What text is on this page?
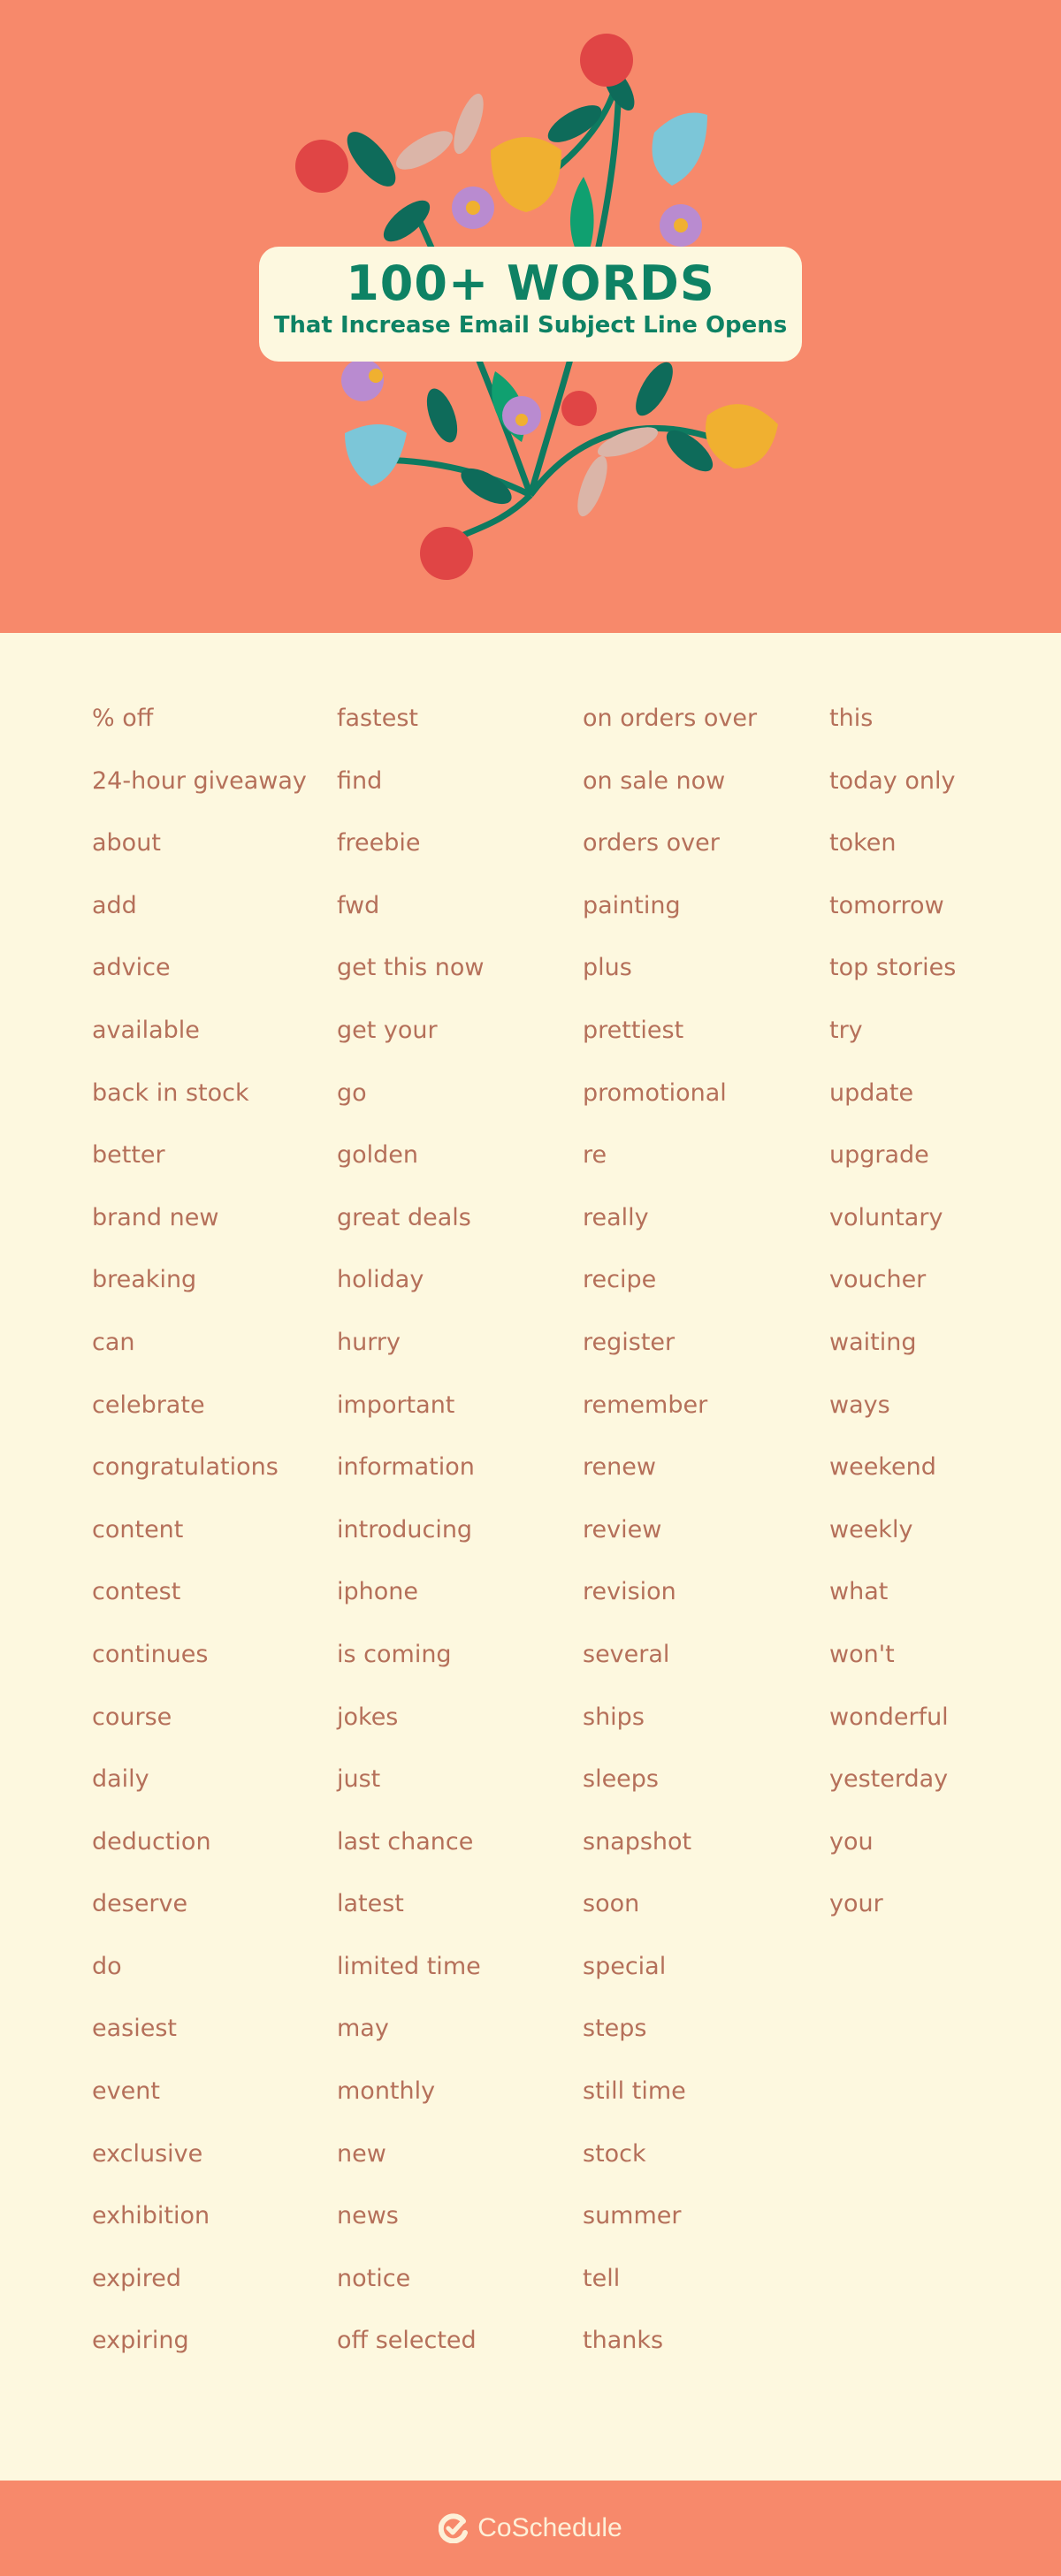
100+ WORDS
That Increase Email Subject Line Opens
% off
24-hour giveaway
about
add
advice
available
back in stock
better
brand new
breaking
can
celebrate
congratulations
content
contest
continues
course
daily
deduction
deserve
do
easiest
event
exclusive
exhibition
expired
expiring
fastest
find
freebie
fwd
get this now
get your
go
golden
great deals
holiday
hurry
important
information
introducing
iphone
is coming
jokes
just
last chance
latest
limited time
may
monthly
new
news
notice
off selected
on orders over
on sale now
orders over
painting
plus
prettiest
promotional
re
really
recipe
register
remember
renew
review
revision
several
ships
sleeps
snapshot
soon
special
steps
still time
stock
summer
tell
thanks
this
today only
token
tomorrow
top stories
try
update
upgrade
voluntary
voucher
waiting
ways
weekend
weekly
what
won't
wonderful
yesterday
you
your
CoSchedule
